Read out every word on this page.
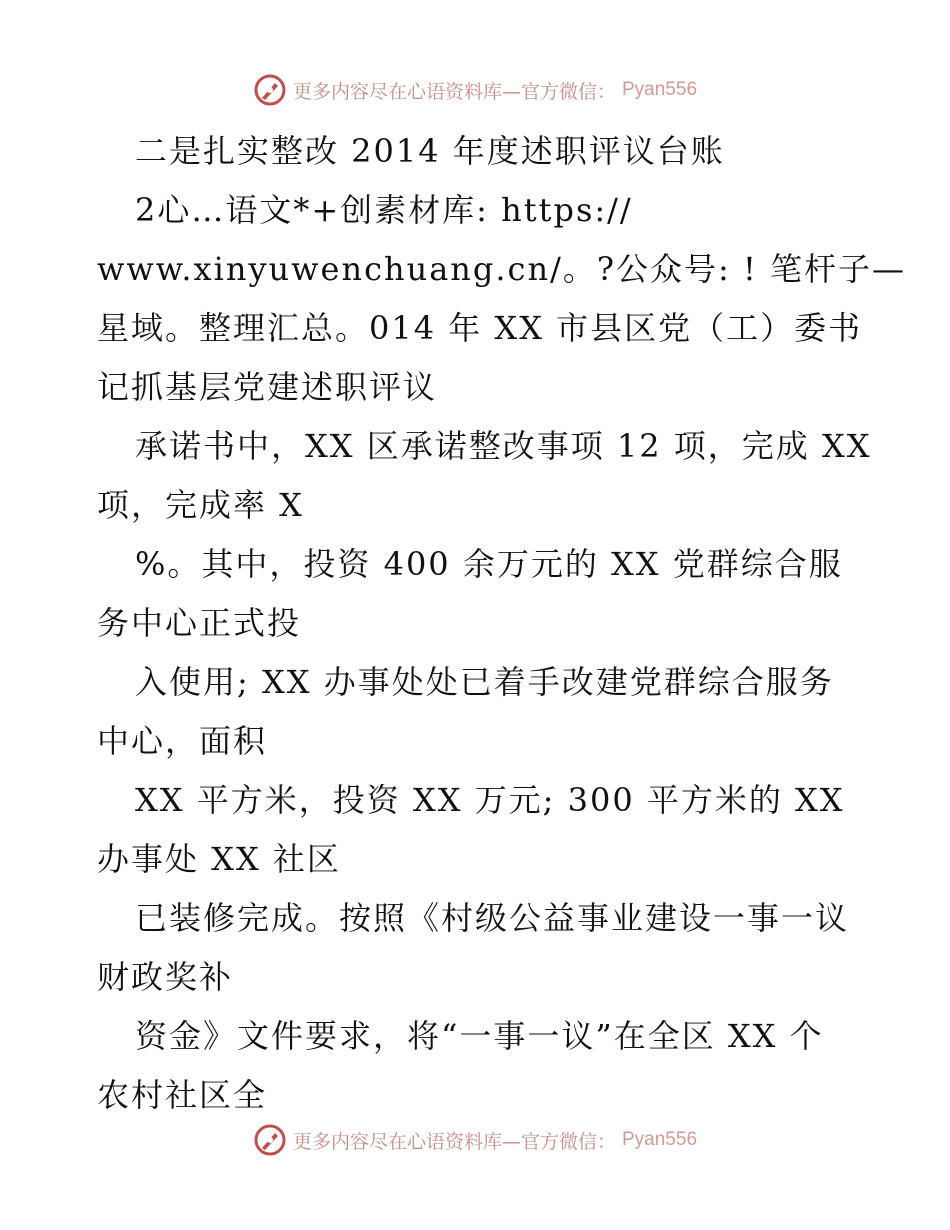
更多内容尽在心语资料库—官方微信： Pyan556
二是扎实整改 2014 年度述职评议台账
2心…语文*+创素材库: https://
www.xinyuwenchuang.cn/。?公众号: ! 笔杆子—
星域。整理汇总。014 年 XX 市县区党（工）委书
记抓基层党建述职评议
承诺书中，XX 区承诺整改事项 12 项，完成 XX
项，完成率 X
%。其中，投资 400 余万元的 XX 党群综合服
务中心正式投
入使用; XX 办事处处已着手改建党群综合服务
中心，面积
XX 平方米，投资 XX 万元; 300 平方米的 XX
办事处 XX 社区
已装修完成。按照《村级公益事业建设一事一议
财政奖补
资金》文件要求，将“一事一议”在全区 XX 个
农村社区全
更多内容尽在心语资料库—官方微信： Pyan556
